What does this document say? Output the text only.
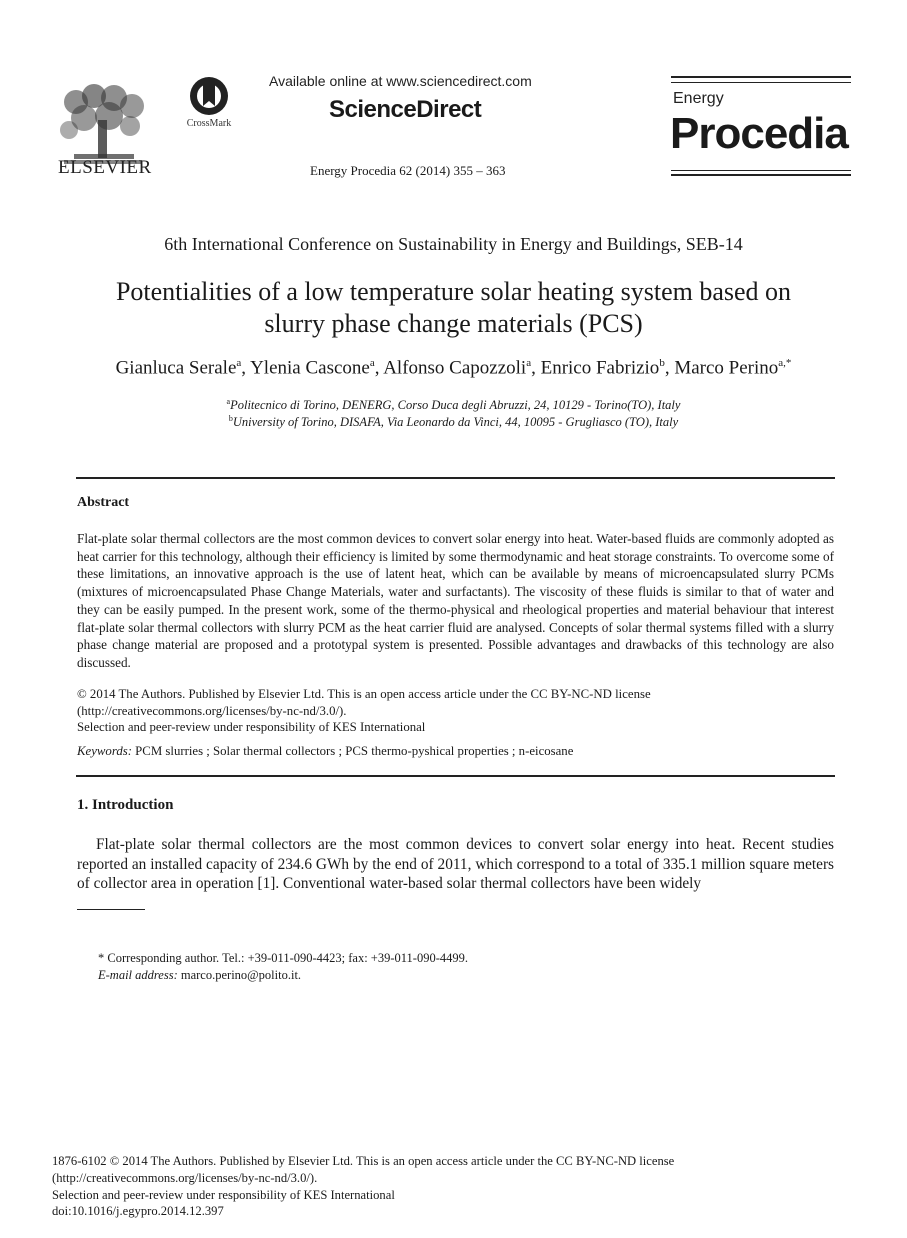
ELSEVIER
CrossMark
Available online at www.sciencedirect.com
ScienceDirect
Energy Procedia 62 (2014) 355 – 363
Energy
Procedia
6th International Conference on Sustainability in Energy and Buildings, SEB-14
Potentialities of a low temperature solar heating system based on
slurry phase change materials (PCS)
Gianluca Serale$^a$, Ylenia Cascone$^a$, Alfonso Capozzoli$^a$, Enrico Fabrizio$^b$, Marco Perino$^{a,*}$
$^a$Politecnico di Torino, DENERG, Corso Duca degli Abruzzi, 24, 10129 - Torino(TO), Italy
$^b$University of Torino, DISAFA, Via Leonardo da Vinci, 44, 10095 - Grugliasco (TO), Italy
Abstract
Flat-plate solar thermal collectors are the most common devices to convert solar energy into heat. Water-based fluids are commonly adopted as heat carrier for this technology, although their efficiency is limited by some thermodynamic and heat storage constraints. To overcome some of these limitations, an innovative approach is the use of latent heat, which can be available by means of microencapsulated slurry PCMs (mixtures of microencapsulated Phase Change Materials, water and surfactants). The viscosity of these fluids is similar to that of water and they can be easily pumped. In the present work, some of the thermo-physical and rheological properties and material behaviour that interest flat-plate solar thermal collectors with slurry PCM as the heat carrier fluid are analysed. Concepts of solar thermal systems filled with a slurry phase change material are proposed and a prototypal system is presented. Possible advantages and drawbacks of this technology are also discussed.
© 2014 The Authors. Published by Elsevier Ltd. This is an open access article under the CC BY-NC-ND license
(http://creativecommons.org/licenses/by-nc-nd/3.0/).
Selection and peer-review under responsibility of KES International
Keywords: PCM slurries ; Solar thermal collectors ; PCS thermo-pyshical properties ; n-eicosane
1. Introduction
Flat-plate solar thermal collectors are the most common devices to convert solar energy into heat. Recent studies reported an installed capacity of 234.6 GWh by the end of 2011, which correspond to a total of 335.1 million square meters of collector area in operation [1]. Conventional water-based solar thermal collectors have been widely
* Corresponding author. Tel.: +39-011-090-4423; fax: +39-011-090-4499.
E-mail address: marco.perino@polito.it.
1876-6102 © 2014 The Authors. Published by Elsevier Ltd. This is an open access article under the CC BY-NC-ND license
(http://creativecommons.org/licenses/by-nc-nd/3.0/).
Selection and peer-review under responsibility of KES International
doi:10.1016/j.egypro.2014.12.397
